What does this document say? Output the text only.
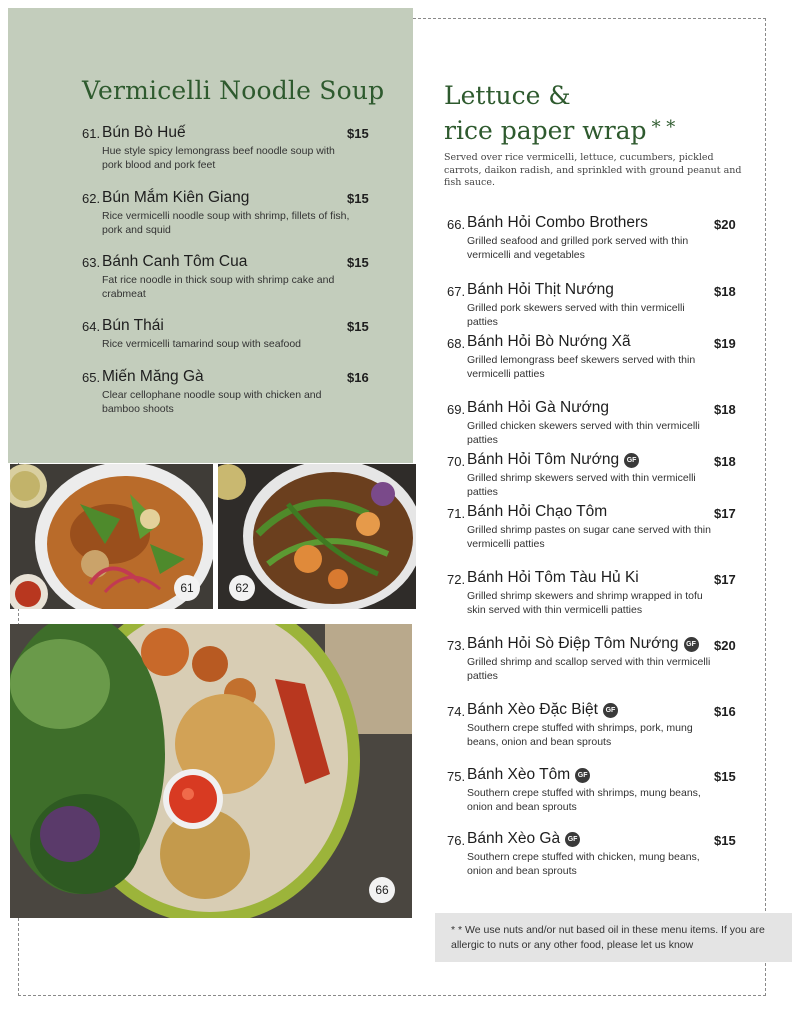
Vermicelli Noodle Soup
61. Bún Bò Huế	$15
Hue style spicy lemongrass beef noodle soup with pork blood and pork feet
62. Bún Mắm Kiên Giang	$15
Rice vermicelli noodle soup with shrimp, fillets of fish, pork and squid
63. Bánh Canh Tôm Cua	$15
Fat rice noodle in thick soup with shrimp cake and crabmeat
64. Bún Thái	$15
Rice vermicelli tamarind soup with seafood
65. Miến Măng Gà	$16
Clear cellophane noodle soup with chicken and bamboo shoots
61	62
66
Lettuce &
rice paper wrap * *
Served over rice vermicelli, lettuce, cucumbers, pickled carrots, daikon radish, and sprinkled with ground peanut and fish sauce.
66. Bánh Hỏi Combo Brothers	$20
Grilled seafood and grilled pork served with thin vermicelli and vegetables
67. Bánh Hỏi Thịt Nướng	$18
Grilled pork skewers served with thin vermicelli patties
68. Bánh Hỏi Bò Nướng Xã	$19
Grilled lemongrass beef skewers served with thin vermicelli patties
69. Bánh Hỏi Gà Nướng	$18
Grilled chicken skewers served with thin vermicelli patties
70. Bánh Hỏi Tôm Nướng GF	$18
Grilled shrimp skewers served with thin vermicelli patties
71. Bánh Hỏi Chạo Tôm	$17
Grilled shrimp pastes on sugar cane served with thin vermicelli patties
72. Bánh Hỏi Tôm Tàu Hủ Ki	$17
Grilled shrimp skewers and shrimp wrapped in tofu skin served with thin vermicelli patties
73. Bánh Hỏi Sò Điệp Tôm Nướng GF $20
Grilled shrimp and scallop served with thin vermicelli patties
74. Bánh Xèo Đặc Biệt GF	$16
Southern crepe stuffed with shrimps, pork, mung beans, onion and bean sprouts
75. Bánh Xèo Tôm GF	$15
Southern crepe stuffed with shrimps, mung beans, onion and bean sprouts
76. Bánh Xèo Gà GF	$15
Southern crepe stuffed with chicken, mung beans, onion and bean sprouts
* * We use nuts and/or nut based oil in these menu items. If you are allergic to nuts or any other food, please let us know
